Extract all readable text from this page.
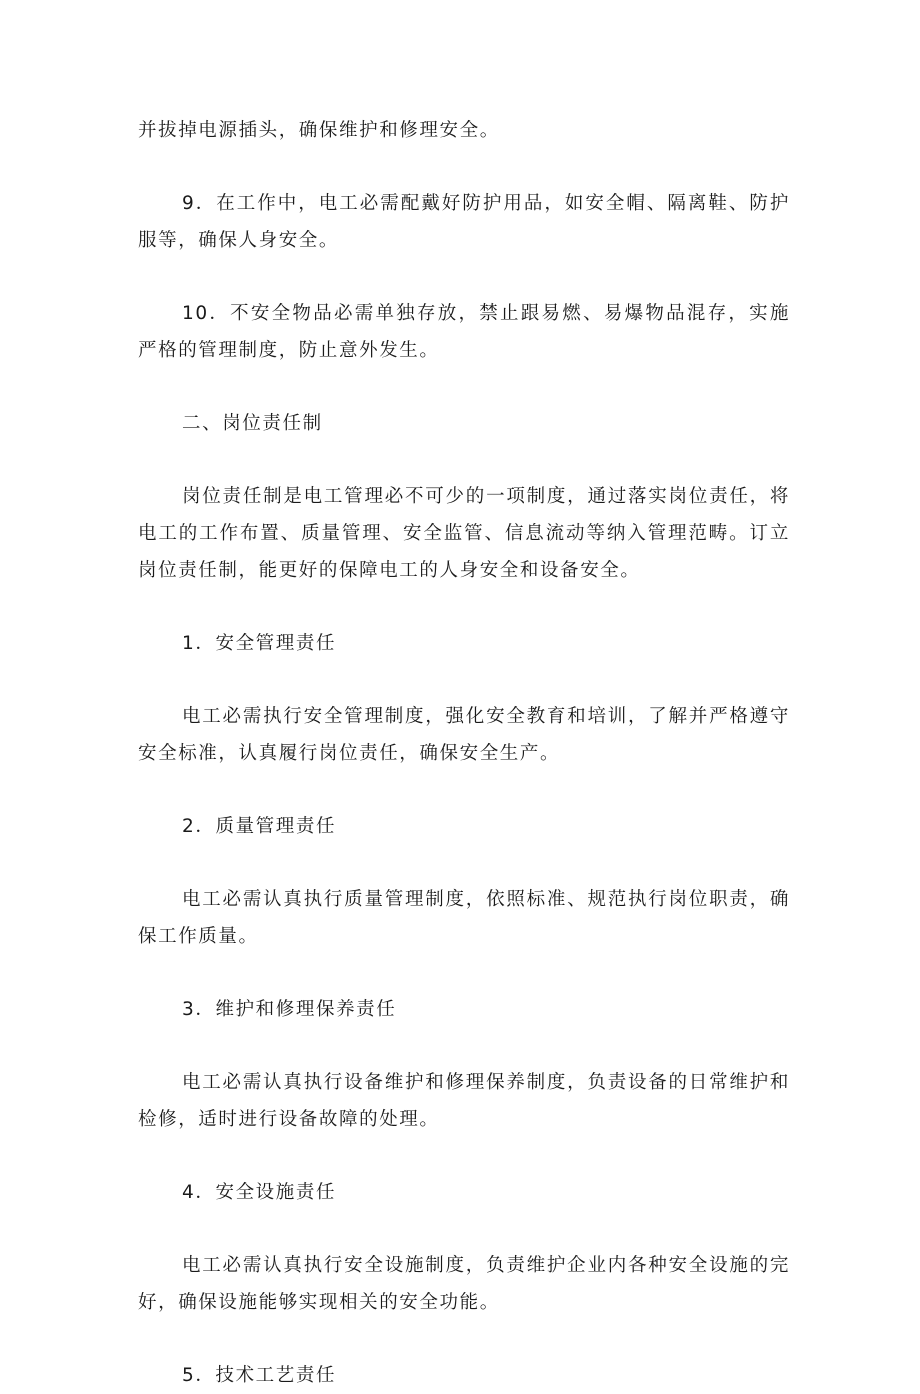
并拔掉电源插头，确保维护和修理安全。

9．在工作中，电工必需配戴好防护用品，如安全帽、隔离鞋、防护服等，确保人身安全。

10．不安全物品必需单独存放，禁止跟易燃、易爆物品混存，实施严格的管理制度，防止意外发生。

二、岗位责任制

岗位责任制是电工管理必不可少的一项制度，通过落实岗位责任，将电工的工作布置、质量管理、安全监管、信息流动等纳入管理范畴。订立岗位责任制，能更好的保障电工的人身安全和设备安全。

1．安全管理责任

电工必需执行安全管理制度，强化安全教育和培训，了解并严格遵守安全标准，认真履行岗位责任，确保安全生产。

2．质量管理责任

电工必需认真执行质量管理制度，依照标准、规范执行岗位职责，确保工作质量。

3．维护和修理保养责任

电工必需认真执行设备维护和修理保养制度，负责设备的日常维护和检修，适时进行设备故障的处理。

4．安全设施责任

电工必需认真执行安全设施制度，负责维护企业内各种安全设施的完好，确保设施能够实现相关的安全功能。

5．技术工艺责任
